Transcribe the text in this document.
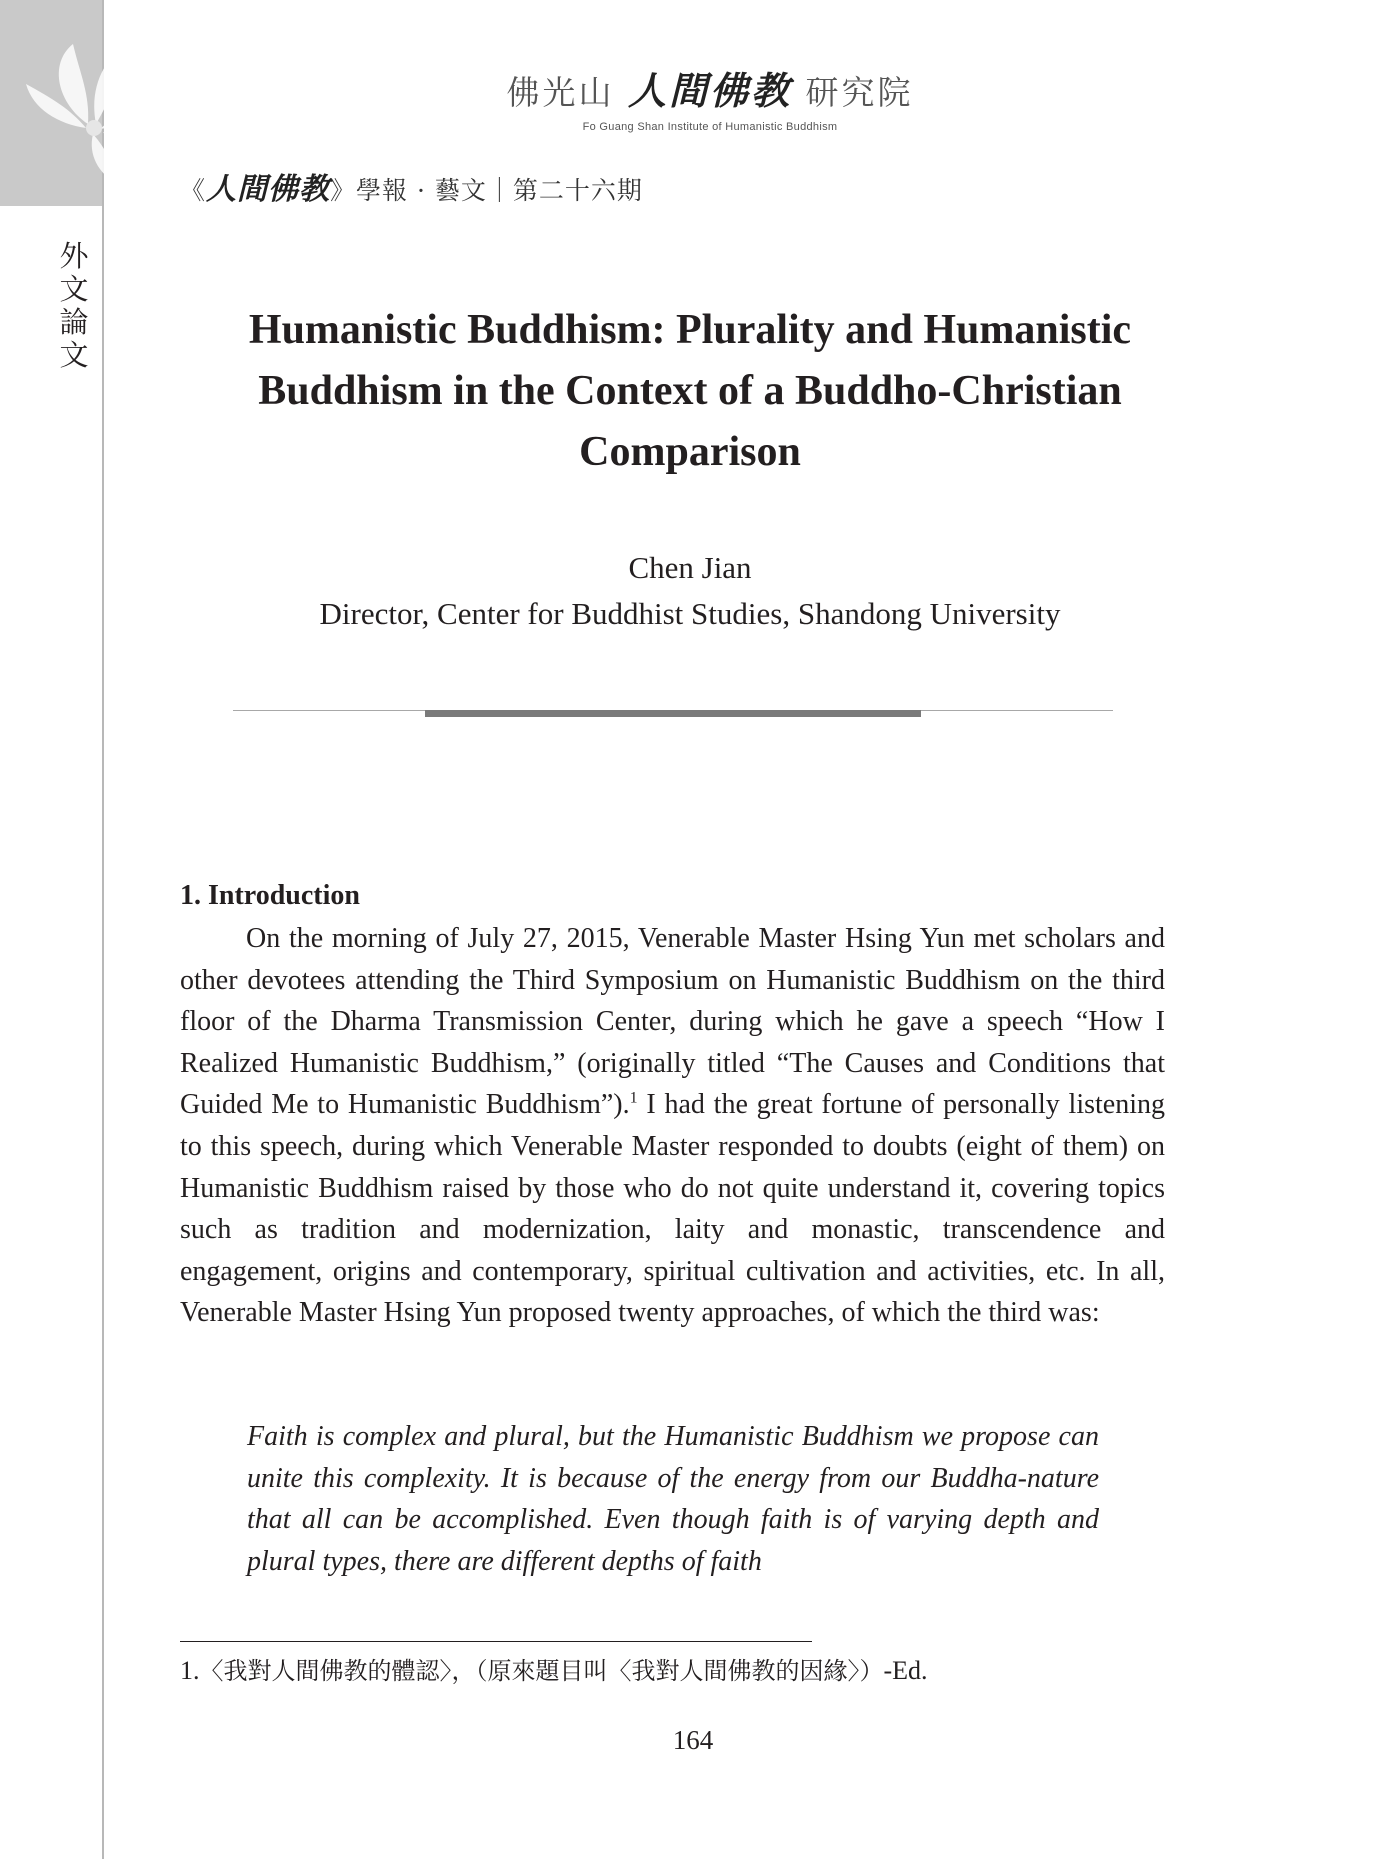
外
文
論
文
佛光山 人間佛教 研究院
Fo Guang Shan Institute of Humanistic Buddhism
《人間佛教》學報 · 藝文｜第二十六期
Humanistic Buddhism: Plurality and Humanistic
Buddhism in the Context of a Buddho-Christian
Comparison
Chen Jian
Director, Center for Buddhist Studies, Shandong University
1. Introduction

On the morning of July 27, 2015, Venerable Master Hsing Yun met scholars and other devotees attending the Third Symposium on Humanistic Buddhism on the third floor of the Dharma Transmission Center, during which he gave a speech “How I Realized Humanistic Buddhism,” (originally titled “The Causes and Conditions that Guided Me to Humanistic Buddhism”).$^1$ I had the great fortune of personally listening to this speech, during which Venerable Master responded to doubts (eight of them) on Humanistic Buddhism raised by those who do not quite understand it, covering topics such as tradition and modernization, laity and monastic, transcendence and engagement, origins and contemporary, spiritual cultivation and activities, etc. In all, Venerable Master Hsing Yun proposed twenty approaches, of which the third was:

Faith is complex and plural, but the Humanistic Buddhism we propose can unite this complexity. It is because of the energy from our Buddha-nature that all can be accomplished. Even though faith is of varying depth and plural types, there are different depths of faith

1.〈我對人間佛教的體認〉，（原來題目叫〈我對人間佛教的因緣〉）-Ed.
164
